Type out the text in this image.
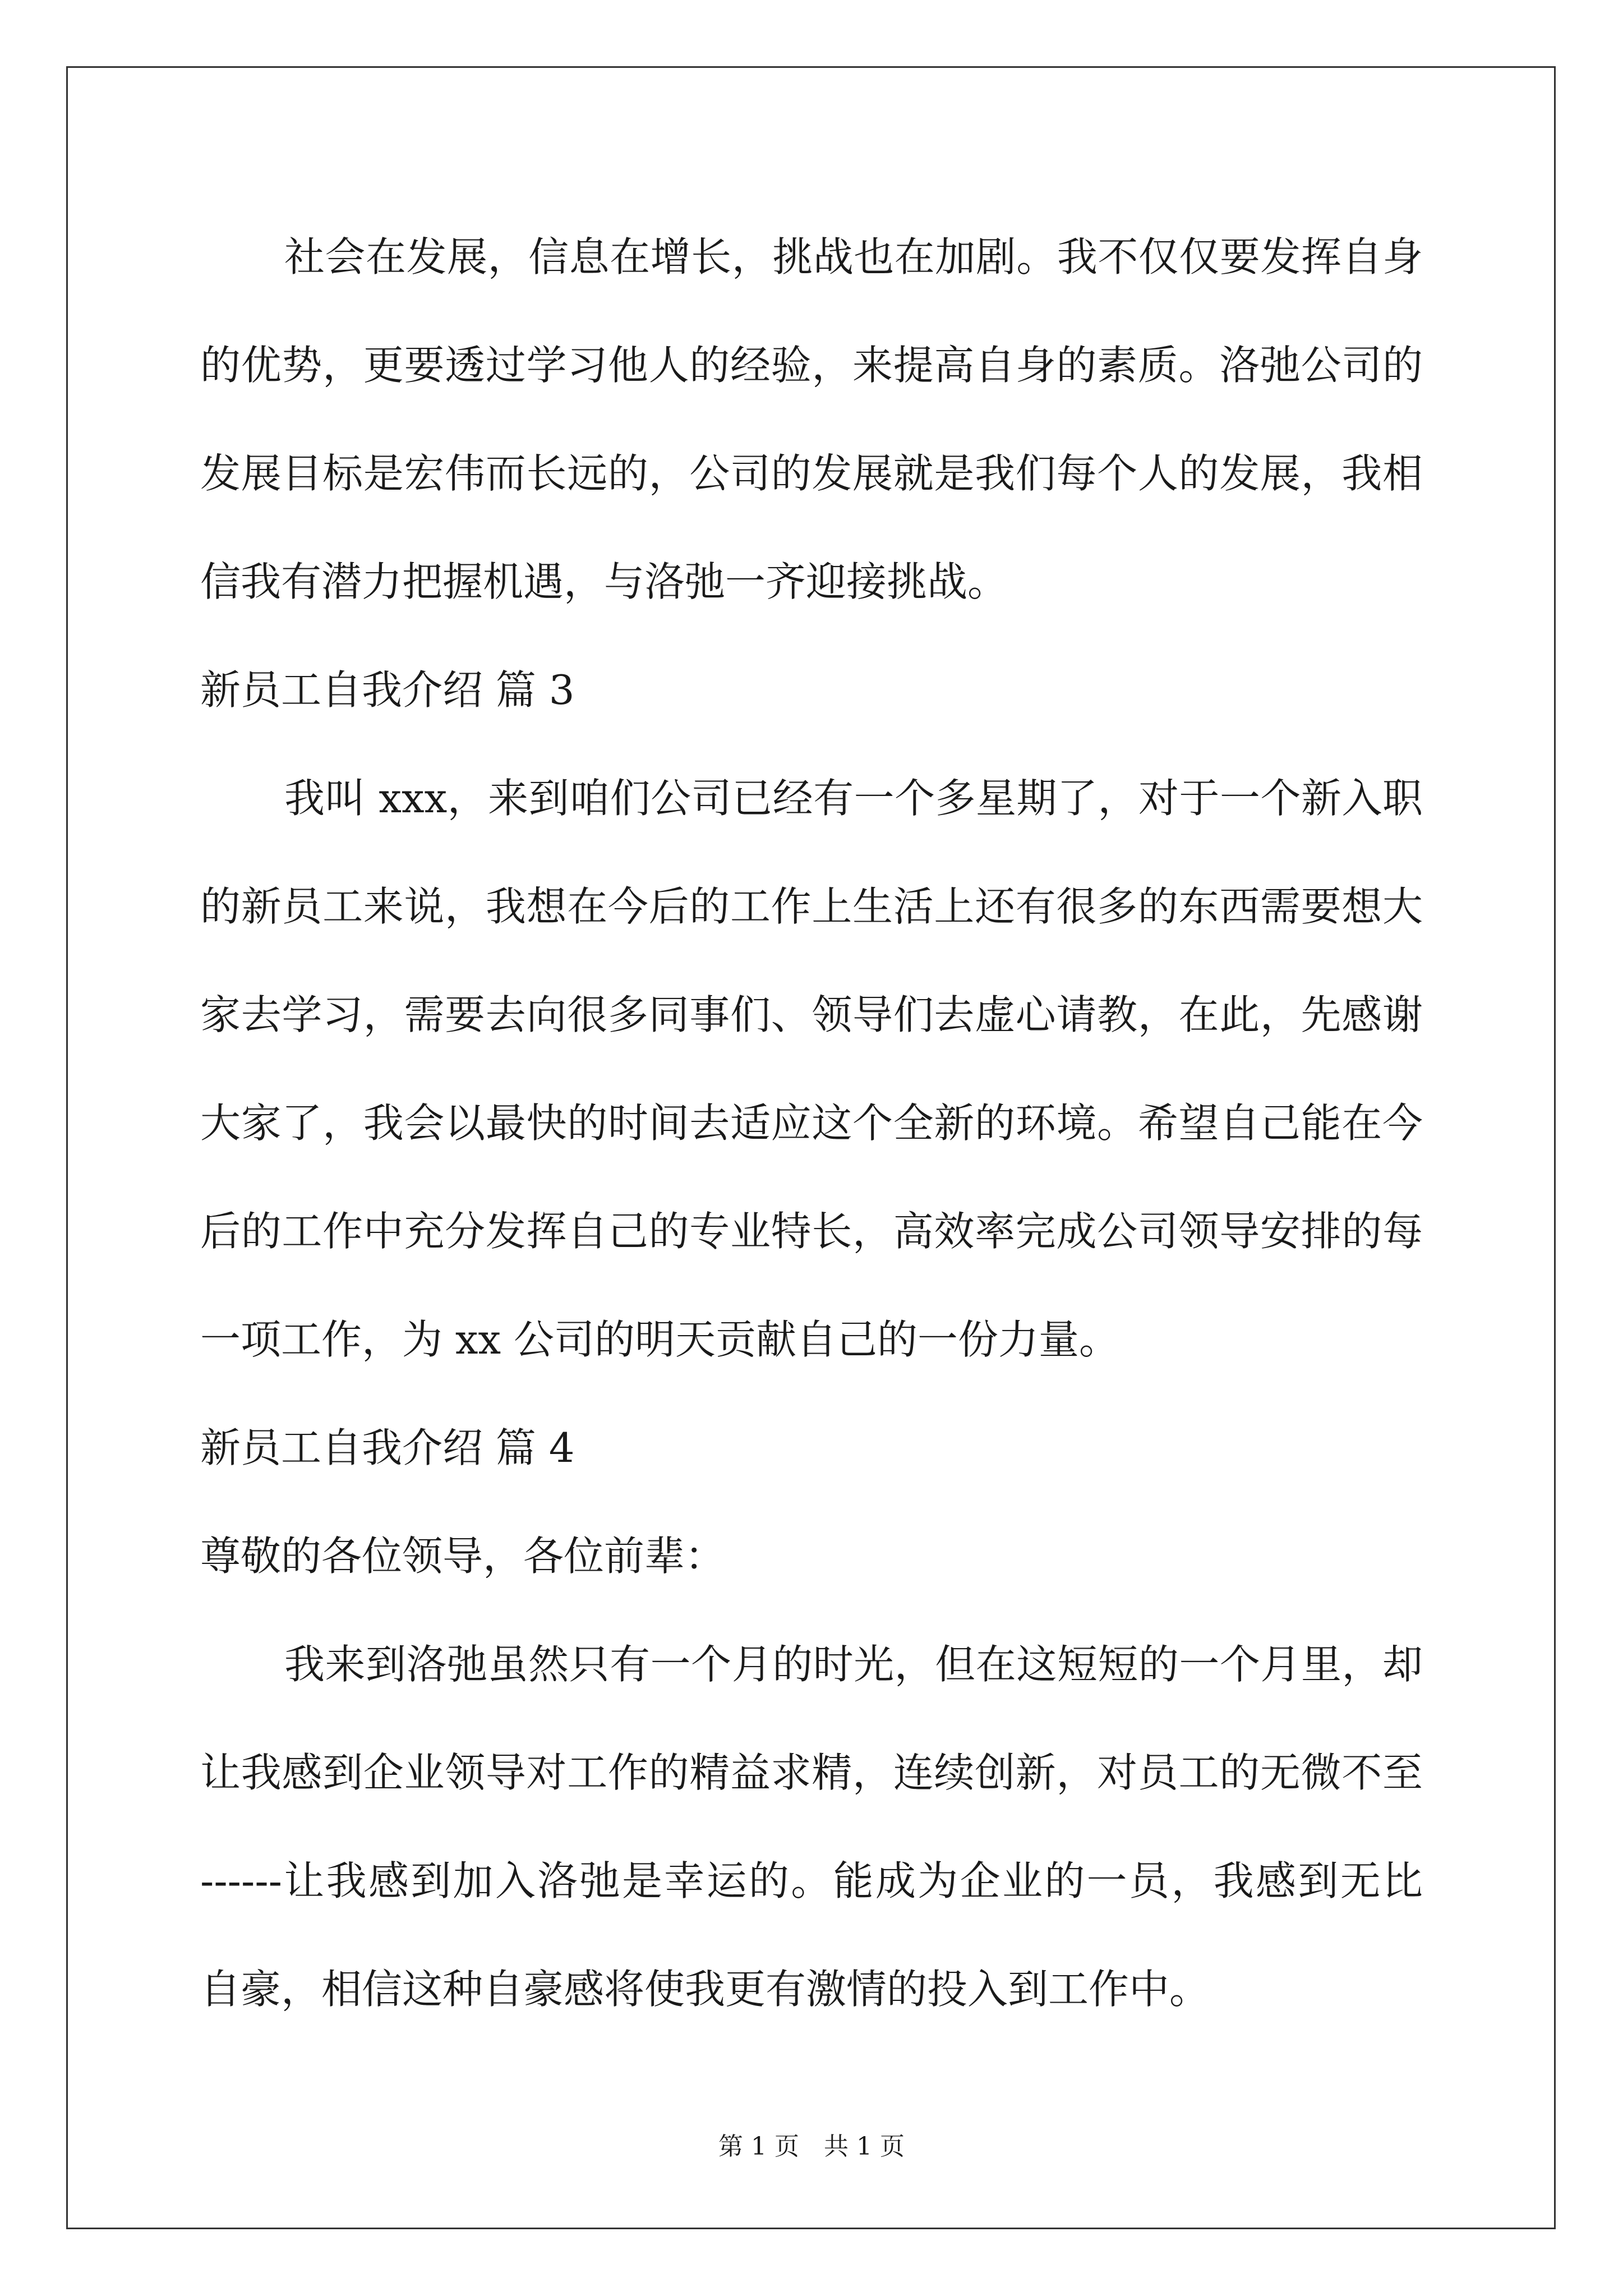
社会在发展，信息在增长，挑战也在加剧。我不仅仅要发挥自身
的优势，更要透过学习他人的经验，来提高自身的素质。洛弛公司的
发展目标是宏伟而长远的，公司的发展就是我们每个人的发展，我相
信我有潜力把握机遇，与洛弛一齐迎接挑战。
新员工自我介绍 篇 3
我叫 xxx，来到咱们公司已经有一个多星期了，对于一个新入职
的新员工来说，我想在今后的工作上生活上还有很多的东西需要想大
家去学习，需要去向很多同事们、领导们去虚心请教，在此，先感谢
大家了，我会以最快的时间去适应这个全新的环境。希望自己能在今
后的工作中充分发挥自己的专业特长，高效率完成公司领导安排的每
一项工作，为 xx 公司的明天贡献自己的一份力量。
新员工自我介绍 篇 4
尊敬的各位领导，各位前辈：
我来到洛弛虽然只有一个月的时光，但在这短短的一个月里，却
让我感到企业领导对工作的精益求精，连续创新，对员工的无微不至
------让我感到加入洛弛是幸运的。能成为企业的一员，我感到无比
自豪，相信这种自豪感将使我更有激情的投入到工作中。
第 1 页　共 1 页
